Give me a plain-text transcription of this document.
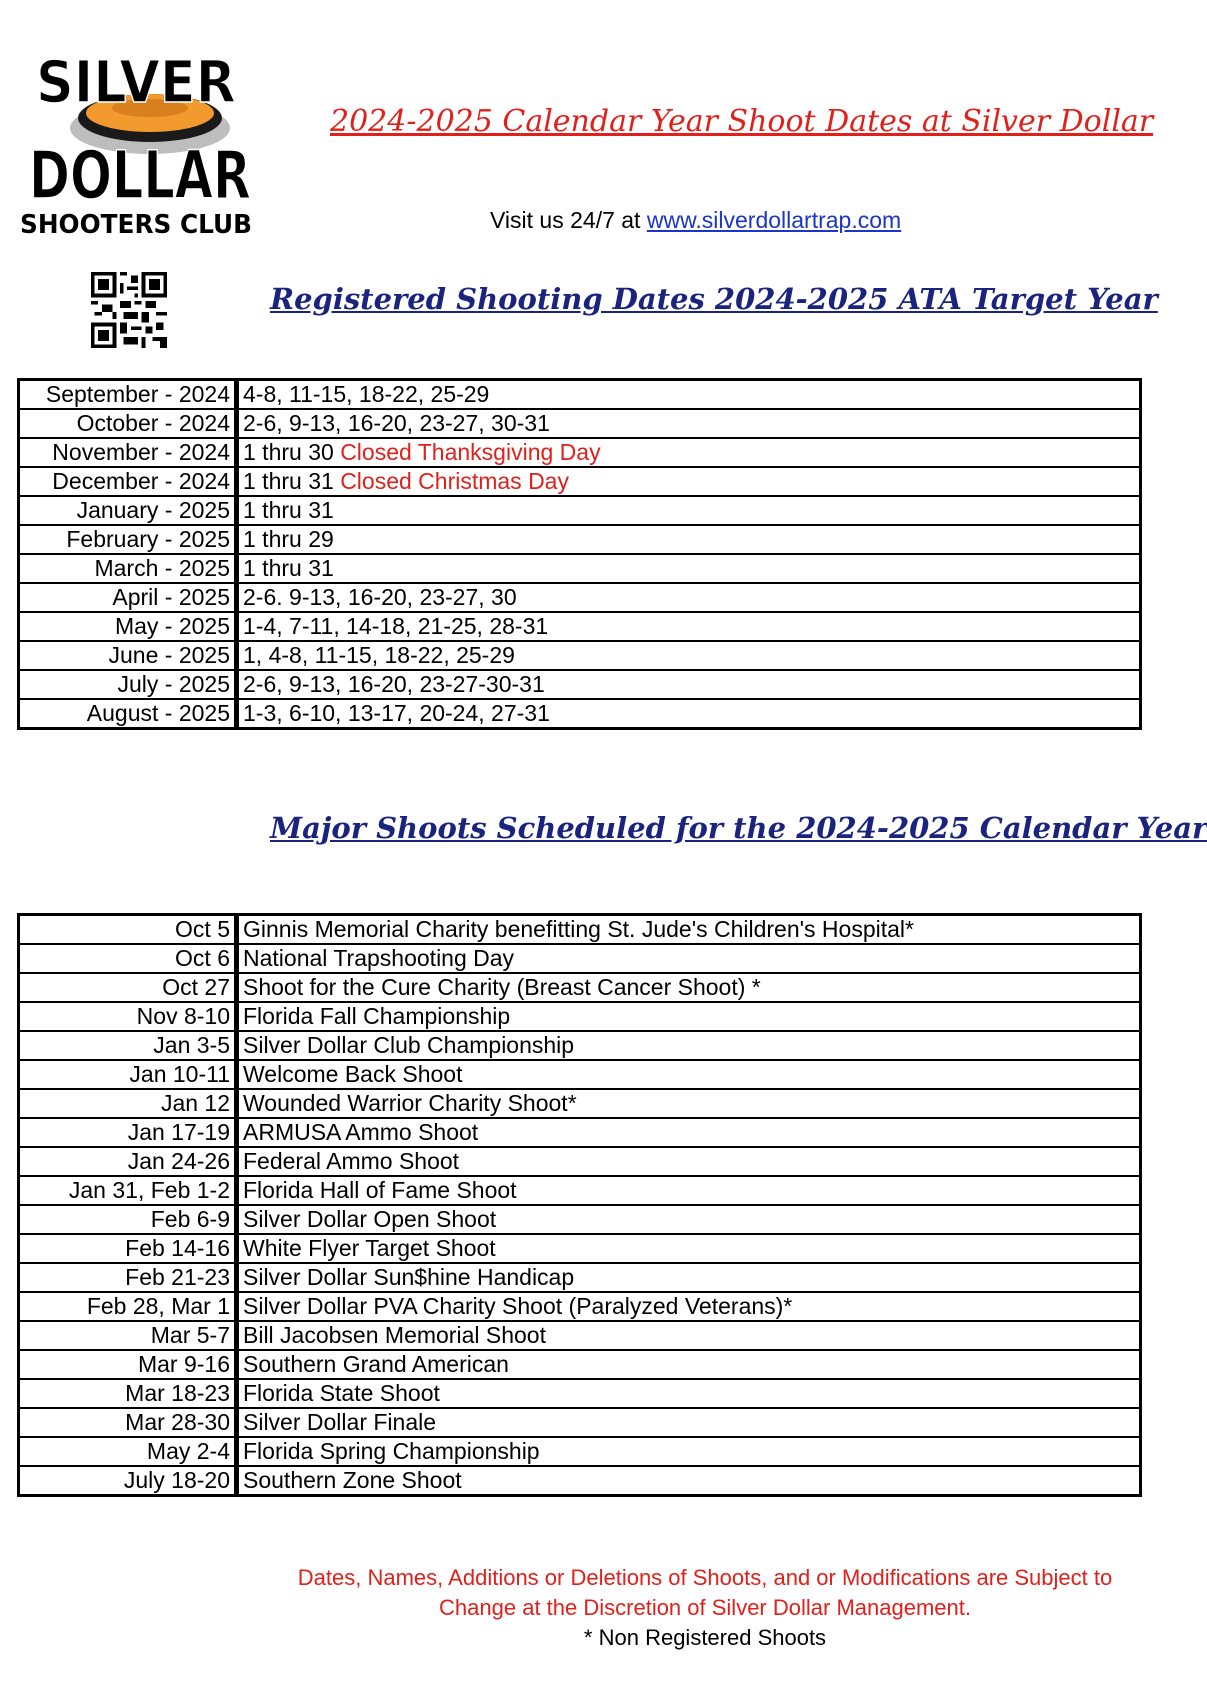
SILVER
DOLLAR
SHOOTERS CLUB
2024-2025 Calendar Year Shoot Dates at Silver Dollar
Visit us 24/7 at www.silverdollartrap.com
Registered Shooting Dates 2024-2025 ATA Target Year
September - 2024	4-8, 11-15, 18-22, 25-29
October - 2024	2-6, 9-13, 16-20, 23-27, 30-31
November - 2024	1 thru 30 Closed Thanksgiving Day
December - 2024	1 thru 31 Closed Christmas Day
January - 2025	1 thru 31
February - 2025	1 thru 29
March - 2025	1 thru 31
April - 2025	2-6. 9-13, 16-20, 23-27, 30
May - 2025	1-4, 7-11, 14-18, 21-25, 28-31
June - 2025	1, 4-8, 11-15, 18-22, 25-29
July - 2025	2-6, 9-13, 16-20, 23-27-30-31
August - 2025	1-3, 6-10, 13-17, 20-24, 27-31
Major Shoots Scheduled for the 2024-2025 Calendar Year
Oct 5	Ginnis Memorial Charity benefitting St. Jude's Children's Hospital*
Oct 6	National Trapshooting Day
Oct 27	Shoot for the Cure Charity (Breast Cancer Shoot) *
Nov 8-10	Florida Fall Championship
Jan 3-5	Silver Dollar Club Championship
Jan 10-11	Welcome Back Shoot
Jan 12	Wounded Warrior Charity Shoot*
Jan 17-19	ARMUSA Ammo Shoot
Jan 24-26	Federal Ammo Shoot
Jan 31, Feb 1-2	Florida Hall of Fame Shoot
Feb 6-9	Silver Dollar Open Shoot
Feb 14-16	White Flyer Target Shoot
Feb 21-23	Silver Dollar Sun$hine Handicap
Feb 28, Mar 1	Silver Dollar PVA Charity Shoot (Paralyzed Veterans)*
Mar 5-7	Bill Jacobsen Memorial Shoot
Mar 9-16	Southern Grand American
Mar 18-23	Florida State Shoot
Mar 28-30	Silver Dollar Finale
May 2-4	Florida Spring Championship
July 18-20	Southern Zone Shoot
Dates, Names, Additions or Deletions of Shoots, and or Modifications are Subject to
Change at the Discretion of Silver Dollar Management.
* Non Registered Shoots
